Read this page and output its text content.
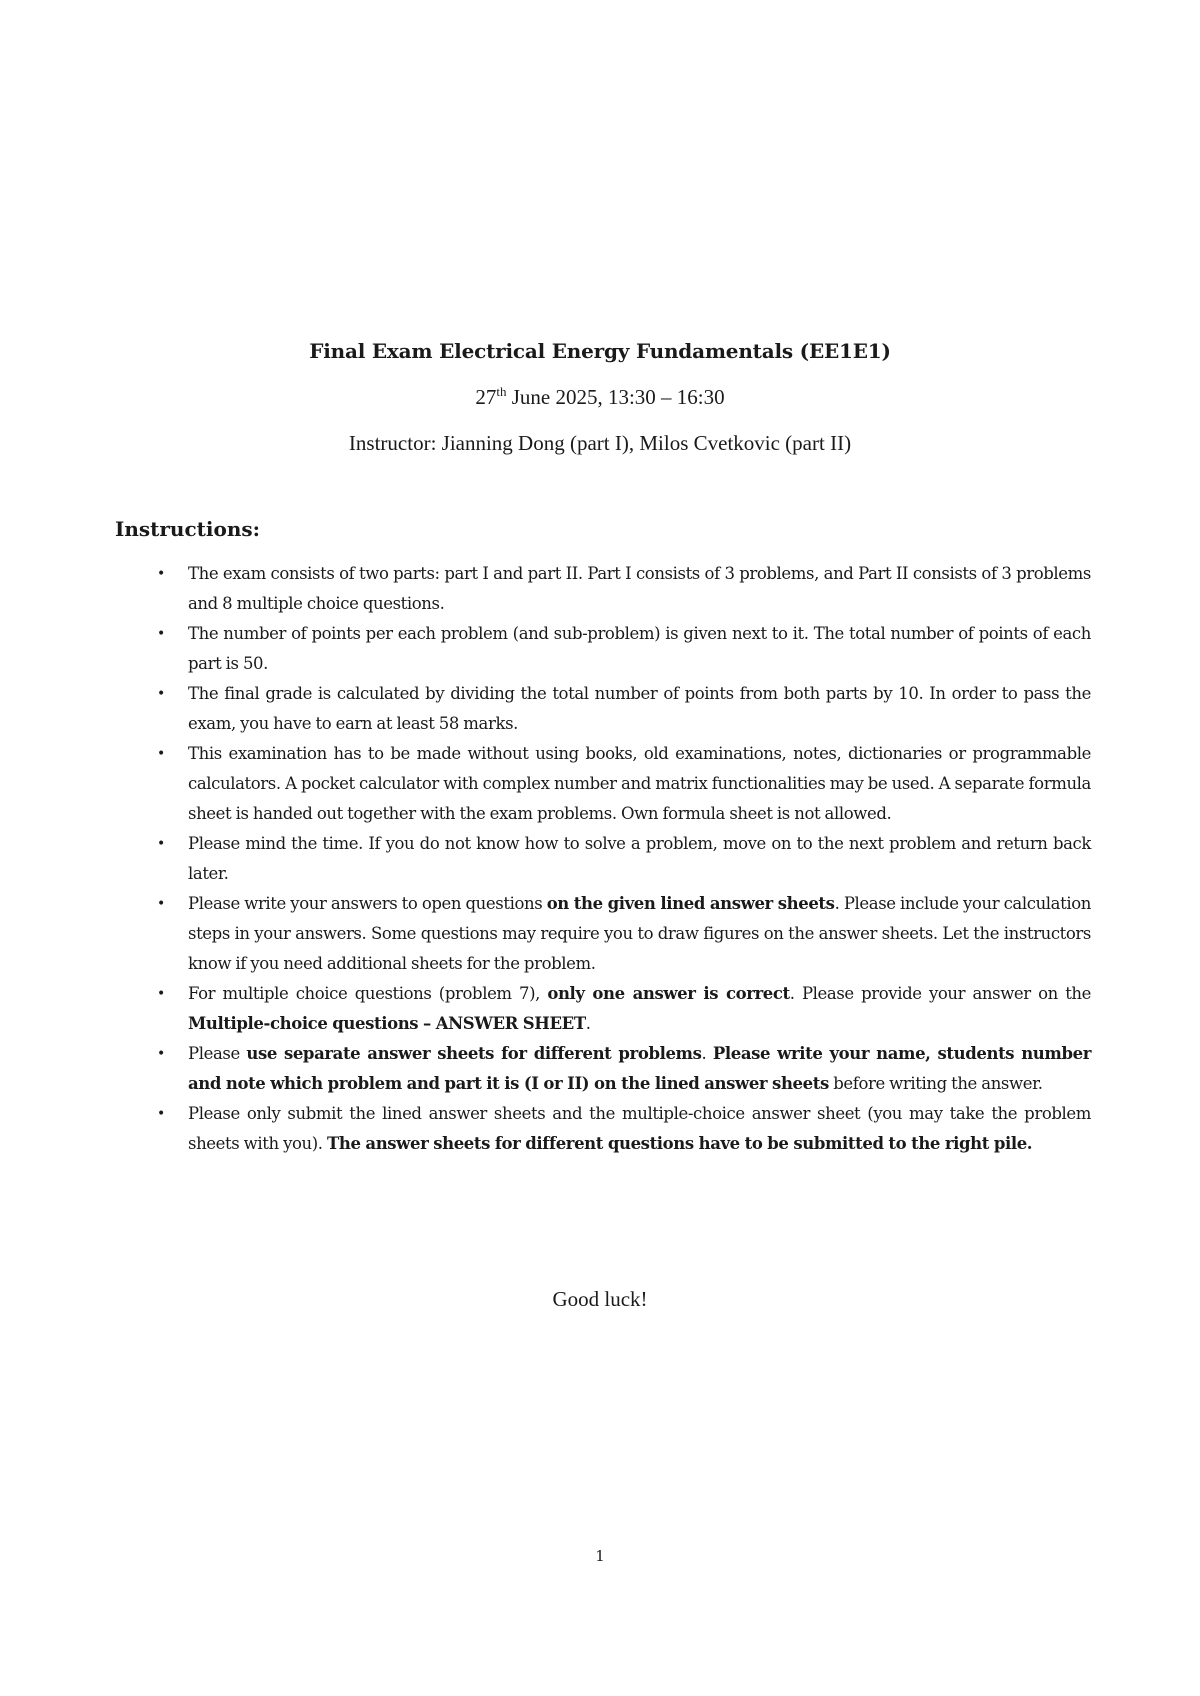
Final Exam Electrical Energy Fundamentals (EE1E1)

27th June 2025, 13:30 – 16:30

Instructor: Jianning Dong (part I), Milos Cvetkovic (part II)

Instructions:

• The exam consists of two parts: part I and part II. Part I consists of 3 problems, and Part II consists of 3 problems and 8 multiple choice questions.
• The number of points per each problem (and sub-problem) is given next to it. The total number of points of each part is 50.
• The final grade is calculated by dividing the total number of points from both parts by 10. In order to pass the exam, you have to earn at least 58 marks.
• This examination has to be made without using books, old examinations, notes, dictionaries or programmable calculators. A pocket calculator with complex number and matrix functionalities may be used. A separate formula sheet is handed out together with the exam problems. Own formula sheet is not allowed.
• Please mind the time. If you do not know how to solve a problem, move on to the next problem and return back later.
• Please write your answers to open questions on the given lined answer sheets. Please include your calculation steps in your answers. Some questions may require you to draw figures on the answer sheets. Let the instructors know if you need additional sheets for the problem.
• For multiple choice questions (problem 7), only one answer is correct. Please provide your answer on the Multiple-choice questions – ANSWER SHEET.
• Please use separate answer sheets for different problems. Please write your name, students number and note which problem and part it is (I or II) on the lined answer sheets before writing the answer.
• Please only submit the lined answer sheets and the multiple-choice answer sheet (you may take the problem sheets with you). The answer sheets for different questions have to be submitted to the right pile.

Good luck!

1
